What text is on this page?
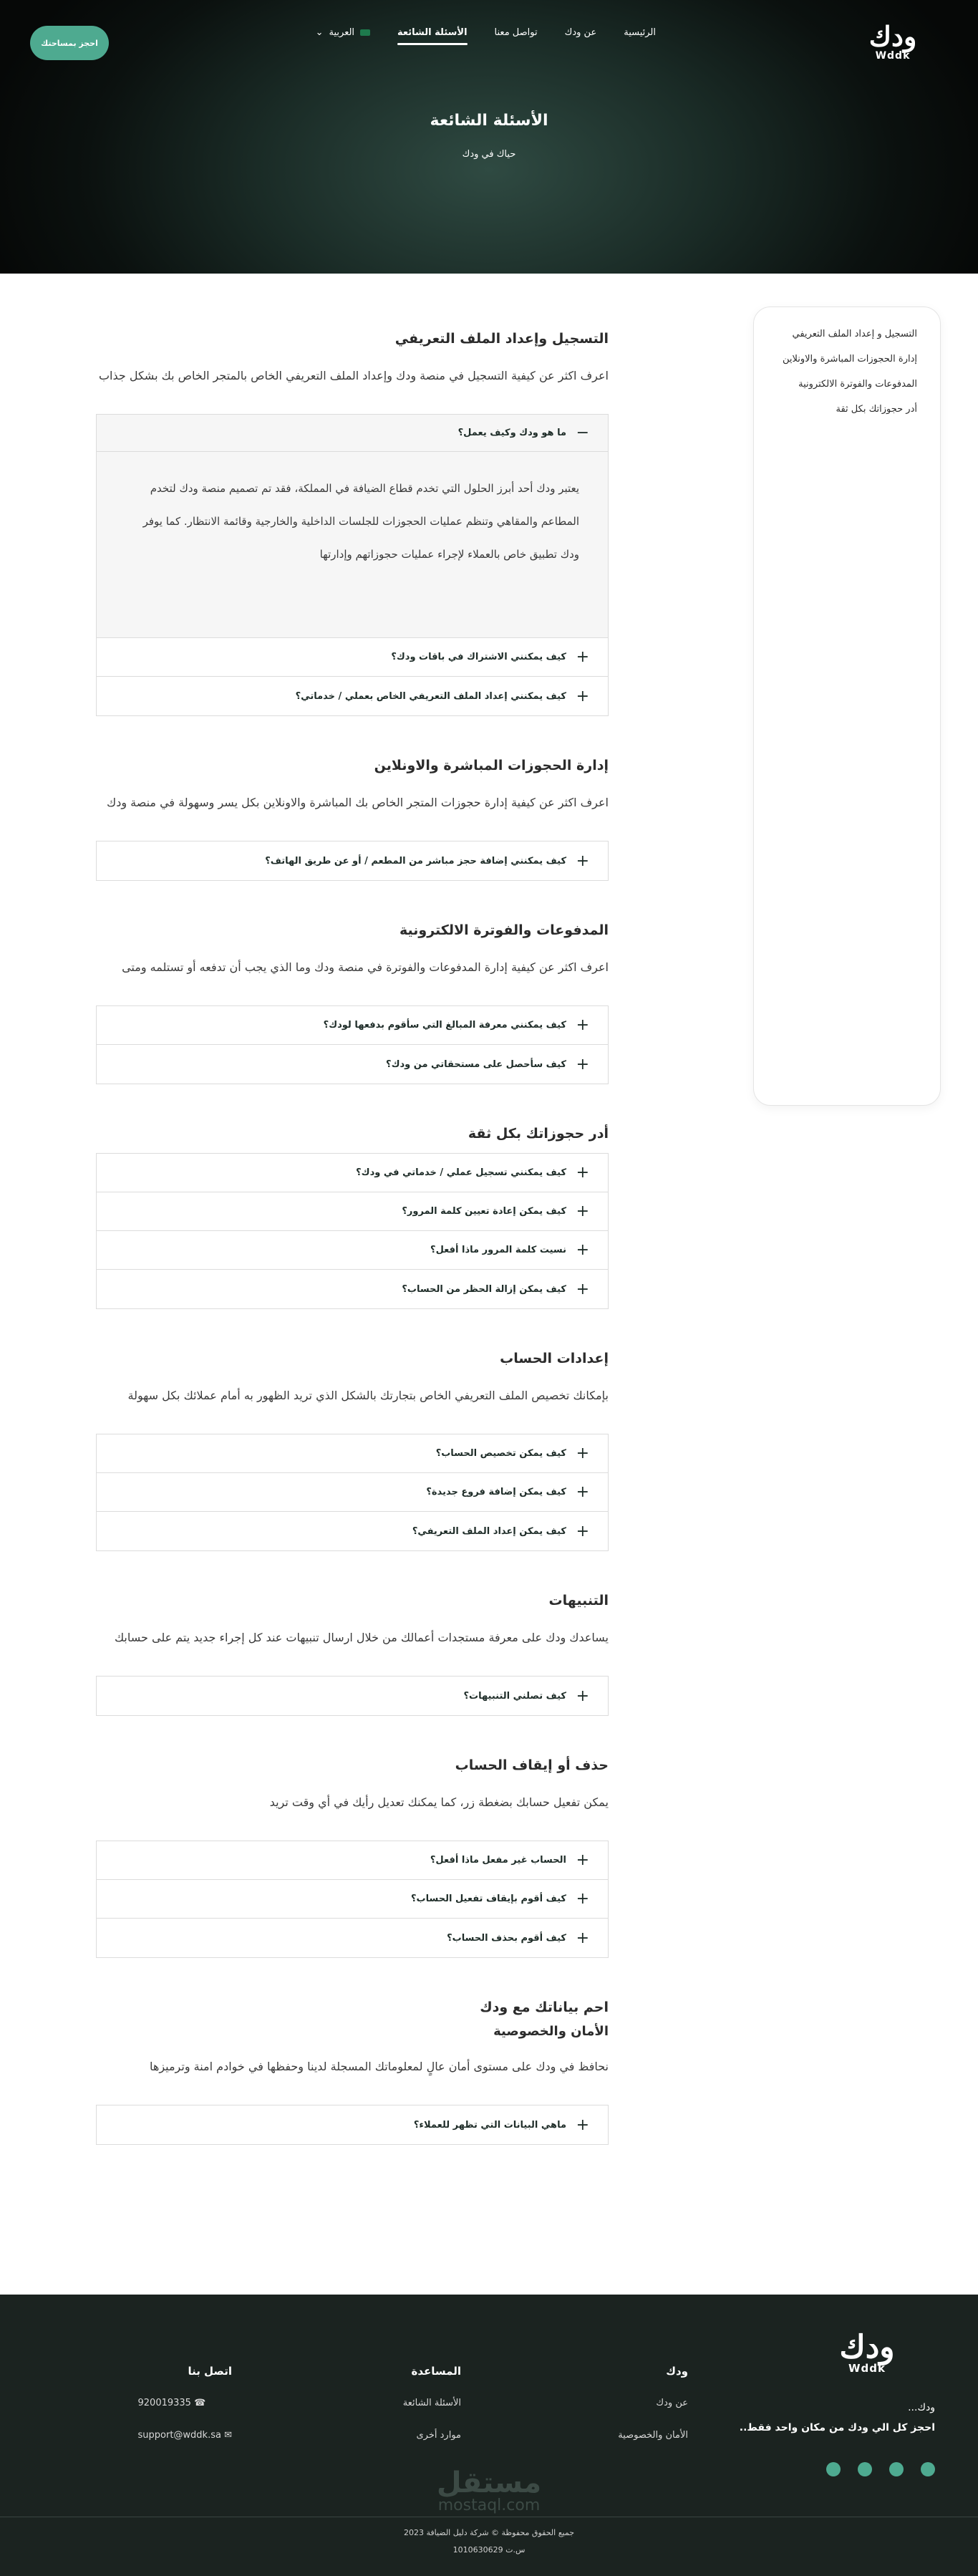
ودك
Wddk
الرئيسية
عن ودك
تواصل معنا
الأسئلة الشائعة
العربية
⌄
احجز بمساحتك
الأسئلة الشائعة

حياك في ودك

التسجيل و إعداد الملف التعريفي
إدارة الحجوزات المباشرة والاونلاين
المدفوعات والفوترة الالكترونية
أدر حجوزاتك بكل ثقة
التسجيل وإعداد الملف التعريفي

اعرف اكثر عن كيفية التسجيل في منصة ودك وإعداد الملف التعريفي الخاص بالمتجر الخاص بك بشكل جذاب

−
ما هو ودك وكيف يعمل؟
يعتبر ودك أحد أبرز الحلول التي تخدم قطاع الضيافة في المملكة، فقد تم تصميم منصة ودك لتخدم المطاعم والمقاهي وتنظم عمليات الحجوزات للجلسات الداخلية والخارجية وقائمة الانتظار. كما يوفر ودك تطبيق خاص بالعملاء لإجراء عمليات حجوزاتهم وإدارتها
+
كيف يمكنني الاشتراك في باقات ودك؟
+
كيف يمكنني إعداد الملف التعريفي الخاص بعملي / خدماتي؟
إدارة الحجوزات المباشرة والاونلاين

اعرف اكثر عن كيفية إدارة حجوزات المتجر الخاص بك المباشرة والاونلاين بكل يسر وسهولة في منصة ودك

+
كيف يمكنني إضافة حجز مباشر من المطعم / أو عن طريق الهاتف؟
المدفوعات والفوترة الالكترونية

اعرف اكثر عن كيفية إدارة المدفوعات والفوترة في منصة ودك وما الذي يجب أن تدفعه أو تستلمه ومتى

+
كيف يمكنني معرفة المبالغ التي سأقوم بدفعها لودك؟
+
كيف سأحصل على مستحقاتي من ودك؟
أدر حجوزاتك بكل ثقة
+
كيف يمكنني تسجيل عملي / خدماتي في ودك؟
+
كيف يمكن إعادة تعيين كلمة المرور؟
+
نسيت كلمة المرور ماذا أفعل؟
+
كيف يمكن إزالة الحظر من الحساب؟
إعدادات الحساب

بإمكانك تخصيص الملف التعريفي الخاص بتجارتك بالشكل الذي تريد الظهور به أمام عملائك بكل سهولة

+
كيف يمكن تخصيص الحساب؟
+
كيف يمكن إضافة فروع جديدة؟
+
كيف يمكن إعداد الملف التعريفي؟
التنبيهات

يساعدك ودك على معرفة مستجدات أعمالك من خلال ارسال تنبيهات عند كل إجراء جديد يتم على حسابك

+
كيف تصلني التنبيهات؟
حذف أو إيقاف الحساب

يمكن تفعيل حسابك بضغطة زر، كما يمكنك تعديل رأيك في أي وقت تريد

+
الحساب غير مفعل ماذا أفعل؟
+
كيف أقوم بإيقاف تفعيل الحساب؟
+
كيف أقوم بحذف الحساب؟
احم بياناتك مع ودك
الأمان والخصوصية

نحافظ في ودك على مستوى أمان عالٍ لمعلوماتك المسجلة لدينا وحفظها في خوادم امنة وترميزها

+
ماهي البيانات التي تظهر للعملاء؟
ودك
Wddk
ودك...
احجز كل الي ودك من مكان واحد فقط..
ودك
عن ودك
الأمان والخصوصية
المساعدة
الأسئلة الشائعة
موارد أخرى
اتصل بنا
920019335 ☎
support@wddk.sa ✉
مستقل
mostaql.com
جميع الحقوق محفوظة © شركة دليل الضيافة 2023
س.ت 1010630629
